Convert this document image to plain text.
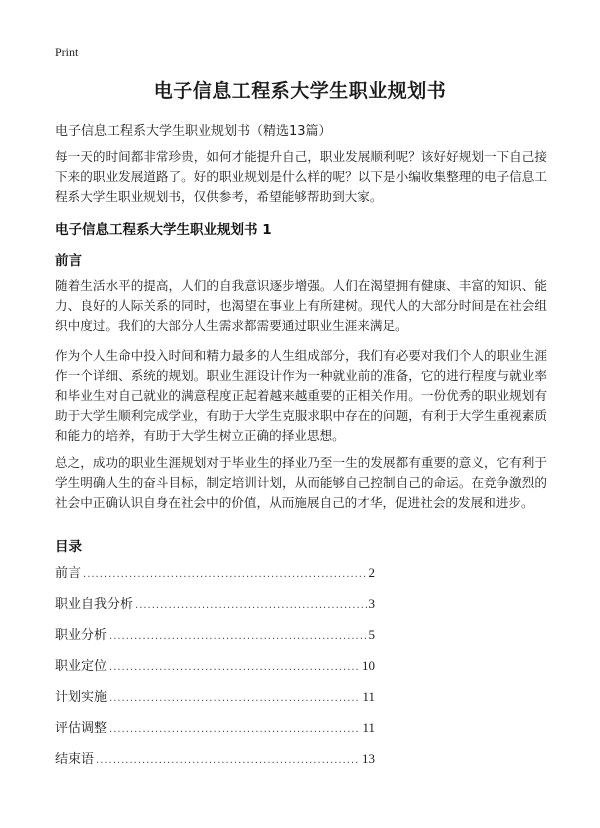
Print
电子信息工程系大学生职业规划书
电子信息工程系大学生职业规划书（精选13篇）

每一天的时间都非常珍贵，如何才能提升自己，职业发展顺利呢？该好好规划一下自己接下来的职业发展道路了。好的职业规划是什么样的呢？以下是小编收集整理的电子信息工程系大学生职业规划书，仅供参考，希望能够帮助到大家。

电子信息工程系大学生职业规划书 1
前言

随着生活水平的提高，人们的自我意识逐步增强。人们在渴望拥有健康、丰富的知识、能力、良好的人际关系的同时，也渴望在事业上有所建树。现代人的大部分时间是在社会组织中度过。我们的大部分人生需求都需要通过职业生涯来满足。

作为个人生命中投入时间和精力最多的人生组成部分，我们有必要对我们个人的职业生涯作一个详细、系统的规划。职业生涯设计作为一种就业前的准备，它的进行程度与就业率和毕业生对自己就业的满意程度正起着越来越重要的正相关作用。一份优秀的职业规划有助于大学生顺利完成学业，有助于大学生克服求职中存在的问题，有利于大学生重视素质和能力的培养，有助于大学生树立正确的择业思想。

总之，成功的职业生涯规划对于毕业生的择业乃至一生的发展都有重要的意义，它有利于学生明确人生的奋斗目标，制定培训计划，从而能够自己控制自己的命运。在竞争激烈的社会中正确认识自身在社会中的价值，从而施展自己的才华，促进社会的发展和进步。

目录
前言 .....	2
职业自我分析 .....	3
职业分析 .....	5
职业定位 .....	10
计划实施 .....	11
评估调整 .....	11
结束语 .....	13
